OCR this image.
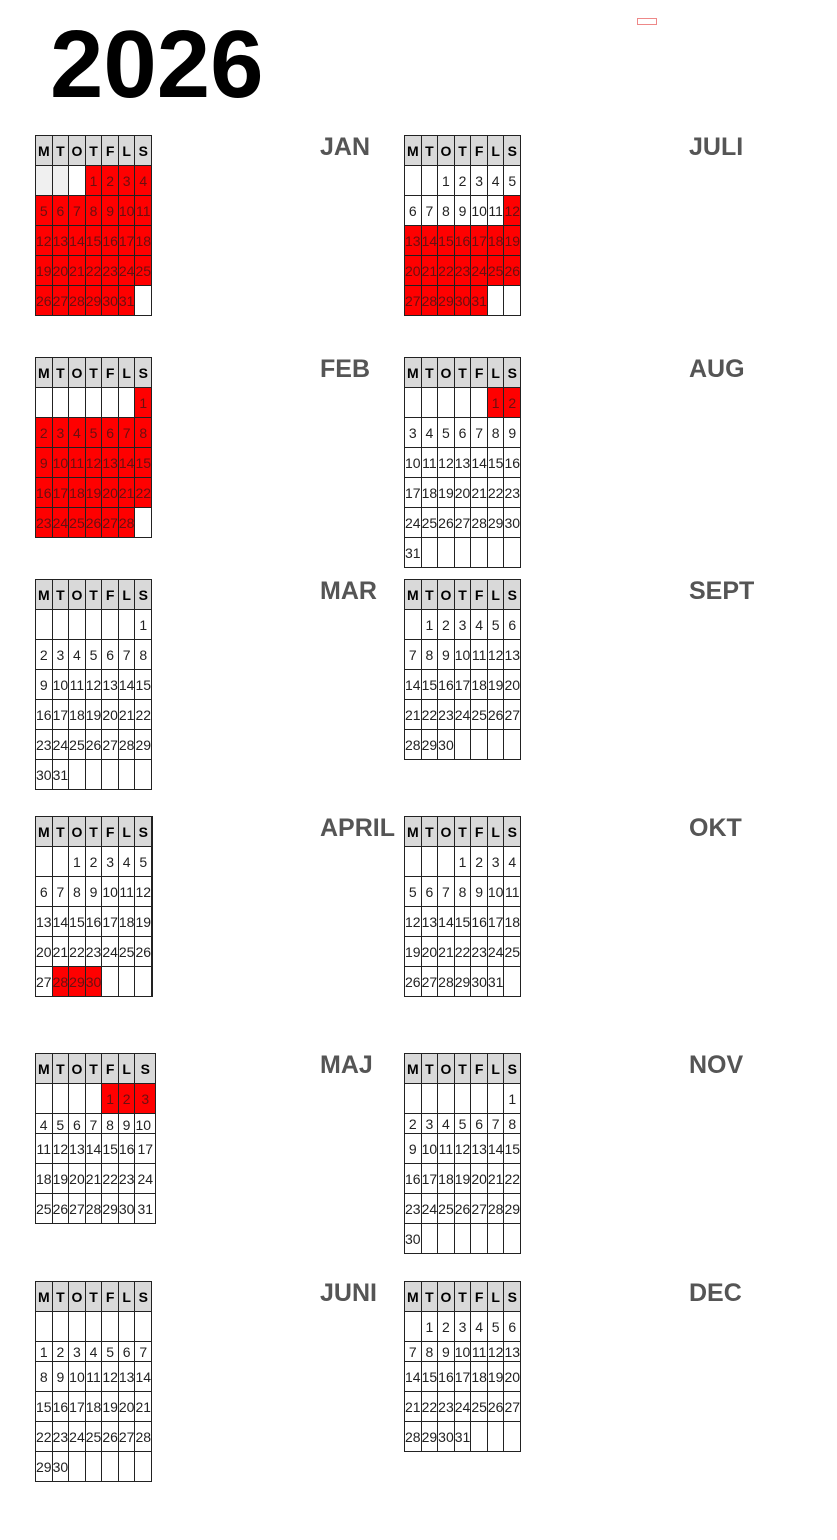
2026
M	T	O	T	F	L	S
			1	2	3	4
5	6	7	8	9	10	11
12	13	14	15	16	17	18
19	20	21	22	23	24	25
26	27	28	29	30	31	
JAN
M	T	O	T	F	L	S
						1
2	3	4	5	6	7	8
9	10	11	12	13	14	15
16	17	18	19	20	21	22
23	24	25	26	27	28	
FEB
M	T	O	T	F	L	S
						1
2	3	4	5	6	7	8
9	10	11	12	13	14	15
16	17	18	19	20	21	22
23	24	25	26	27	28	29
30	31					
MAR
M	T	O	T	F	L	S	
		1	2	3	4	5	
6	7	8	9	10	11	12	
13	14	15	16	17	18	19	
20	21	22	23	24	25	26	
27	28	29	30				
APRIL
M	T	O	T	F	L	S
				1	2	3
4	5	6	7	8	9	10
11	12	13	14	15	16	17
18	19	20	21	22	23	24
25	26	27	28	29	30	31
MAJ
M	T	O	T	F	L	S

1	2	3	4	5	6	7
8	9	10	11	12	13	14
15	16	17	18	19	20	21
22	23	24	25	26	27	28
29	30					
JUNI
M	T	O	T	F	L	S
		1	2	3	4	5
6	7	8	9	10	11	12
13	14	15	16	17	18	19
20	21	22	23	24	25	26
27	28	29	30	31		
JULI
M	T	O	T	F	L	S
					1	2
3	4	5	6	7	8	9
10	11	12	13	14	15	16
17	18	19	20	21	22	23
24	25	26	27	28	29	30
31						
AUG
M	T	O	T	F	L	S
	1	2	3	4	5	6
7	8	9	10	11	12	13
14	15	16	17	18	19	20
21	22	23	24	25	26	27
28	29	30				
SEPT
M	T	O	T	F	L	S
			1	2	3	4
5	6	7	8	9	10	11
12	13	14	15	16	17	18
19	20	21	22	23	24	25
26	27	28	29	30	31	
OKT
M	T	O	T	F	L	S
						1
2	3	4	5	6	7	8
9	10	11	12	13	14	15
16	17	18	19	20	21	22
23	24	25	26	27	28	29
30						
NOV
M	T	O	T	F	L	S
	1	2	3	4	5	6
7	8	9	10	11	12	13
14	15	16	17	18	19	20
21	22	23	24	25	26	27
28	29	30	31			
DEC
